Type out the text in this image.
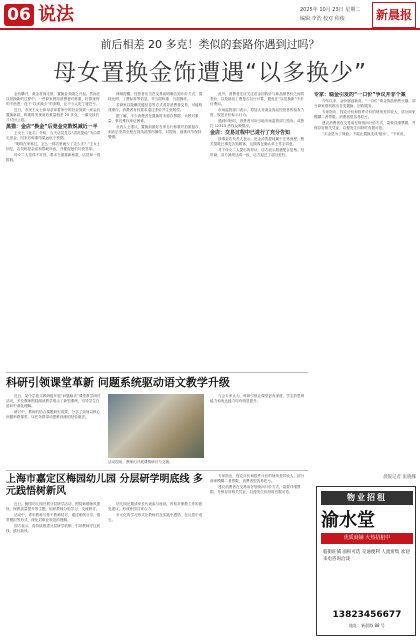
06 说法	2025年 10月 23日 星期二
编辑 李浩 校对 程俊	新晨报
前后相差 20 多克！类似的套路你遇到过吗？
母女置换金饰遭遇“以多换少”

金价攀升，黄金首饰走俏，置换业务随之兴起。然而在以旧换新的过程中，一些商家利用消费者对称重、折算规则的不熟悉，设下“以多换少”的套路，让不少人吃了哑巴亏。

近日，市民王女士和母亲拿着家中的旧金饰到一家金店置换新款，称重时发现前后重量相差 20 多克，一番交涉后才讨回公道。

黑猫：金店“换金”后竟金克数锐减近一半

王女士（化名）介绍，当天店员先以“清洗提纯”为由带走旧金，回来后称重结果远低于预期。

“明明在家称过，怎么一到店里就少了这么多？”王女士回忆，店员称是杂质和损耗所致，并催促她们尽快签单。

母女二人觉得不对劲，要求当面重新称重，店员却一再推脱。

律师提醒，经营者应当在交易前明确告知计价方式、损耗比例、工费标准等信息，并当面称重、当面操作。

若商家以隐瞒关键信息等方式诱导消费者交易，可能构成欺诈，消费者有权要求退还差价并主张赔偿。

据了解，不少消费者在置换时未留存票据、未核对重量，事后维权举证困难。

业内人士建议，置换前最好在家自行称重并拍照留存，到店后坚持全程在视线范围内操作，对提纯、熔炼环节保持警惕。

此外，消费者还应关注旧金回收价与新品销售价之间的差价，以及新品工费是否另行计算，避免在“以旧换新”中多付费用。

市场监管部门表示，将加大对黄金饰品经营者的检查力度，规范计价标示行为。

遇到纠纷时，消费者可向当地市场监管部门投诉，或拨打 12315 热线反映情况。

金店：交易过程中已进行了充分告知

涉事金店负责人表示，旧金清洗提纯属于正常流程，相关损耗已事先告知顾客，且顾客在确认单上签字同意。

对于母女二人提出的异议，店方表示愿意配合复核。经协商，双方最终达成一致，店方退还了部分差价。

专家：稳金引发的“一口价”争议并非个案

今年以来，金价屡创新高，“一口价”黄金饰品销售火爆，部分商家借机推出各类置换、回收服务。

专家指出，按克计价和按件计价的规则差异较大，部分商家模糊二者界限，消费者很容易吃亏。

建议消费者在交易前仔细询问计价方式，索要详细票据，并保存好相关凭证，以便发生纠纷时有据可依。

“买金是为了保值，不能让置换变成‘缩水’。”专家说。

晨报记者 张晓娜
科研引领课堂革新 问题系统驱动语文教学升级

近日，某中学语文教研组开展“问题驱动”课堂教学研讨活动，多位教师围绕阅读教学展示了新型课例，引导学生在追问中深化理解。

研讨中，教师们结合课题研究成果，分享了如何以核心问题串联课堂、以任务群带动思维训练的经验做法。

活动现场，教师们开展课例研讨与交流。

与会专家认为，科研引领让课堂更有深度，学生的思辨能力和表达能力均有明显提升。

上海市嘉定区梅园幼儿园 分层研学明底线 多元践悟树新风

近日，梅园幼儿园开展分层研学活动，围绕师德师风建设、保教质量提升等主题，组织教师分组学习、交流研讨。

活动中，青年教师与骨干教师结对，通过案例分享、情景模拟等形式，深化对职业规范的理解。

园方表示，将持续推进分层研学机制，引导教师守住底线、践行新风。

幼儿园还邀请家长代表参与座谈，听取对保教工作的意见建议，形成家园共育合力。

多元化的学习形式让教师们在实践中感悟、在反思中成长。

专家指出，按克计价和按件计价的规则差异较大，部分商家模糊二者界限，消费者很容易吃亏。

建议消费者在交易前仔细询问计价方式，索要详细票据，并保存好相关凭证，以便发生纠纷时有据可依。

物业招租
渝水堂
优质商铺 火热招租中
临街旺铺 面积可选 交通便利 人流密集 欢迎来电咨询洽谈
13823456677
地址：新晨路 88 号
